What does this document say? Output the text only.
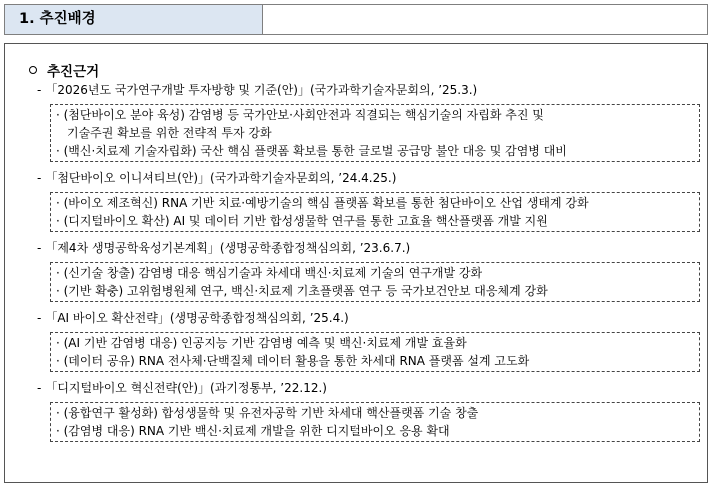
1. 추진배경
추진근거
- 「2026년도 국가연구개발 투자방향 및 기준(안)」(국가과학기술자문회의, ’25.3.)
· (첨단바이오 분야 육성) 감염병 등 국가안보·사회안전과 직결되는 핵심기술의 자립화 추진 및
기술주권 확보를 위한 전략적 투자 강화
· (백신·치료제 기술자립화) 국산 핵심 플랫폼 확보를 통한 글로벌 공급망 불안 대응 및 감염병 대비
- 「첨단바이오 이니셔티브(안)」(국가과학기술자문회의, ’24.4.25.)
· (바이오 제조혁신) RNA 기반 치료·예방기술의 핵심 플랫폼 확보를 통한 첨단바이오 산업 생태계 강화
· (디지털바이오 확산) AI 및 데이터 기반 합성생물학 연구를 통한 고효율 핵산플랫폼 개발 지원
- 「제4차 생명공학육성기본계획」(생명공학종합정책심의회, ’23.6.7.)
· (신기술 창출) 감염병 대응 핵심기술과 차세대 백신·치료제 기술의 연구개발 강화
· (기반 확충) 고위험병원체 연구, 백신·치료제 기초플랫폼 연구 등 국가보건안보 대응체계 강화
- 「AI 바이오 확산전략」(생명공학종합정책심의회, ’25.4.)
· (AI 기반 감염병 대응) 인공지능 기반 감염병 예측 및 백신·치료제 개발 효율화
· (데이터 공유) RNA 전사체·단백질체 데이터 활용을 통한 차세대 RNA 플랫폼 설계 고도화
- 「디지털바이오 혁신전략(안)」(과기정통부, ’22.12.)
· (융합연구 활성화) 합성생물학 및 유전자공학 기반 차세대 핵산플랫폼 기술 창출
· (감염병 대응) RNA 기반 백신·치료제 개발을 위한 디지털바이오 응용 확대
